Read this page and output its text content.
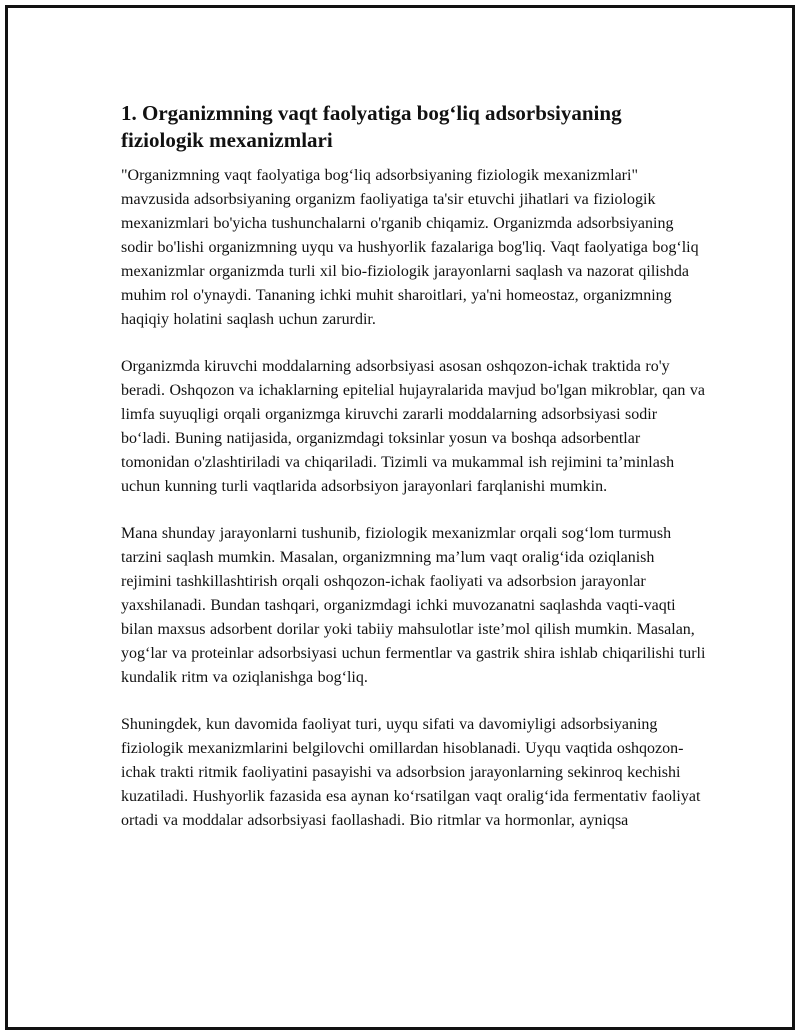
1. Organizmning vaqt faolyatiga bog‘liq adsorbsiyaning fiziologik mexanizmlari

"Organizmning vaqt faolyatiga bog‘liq adsorbsiyaning fiziologik mexanizmlari" mavzusida adsorbsiyaning organizm faoliyatiga ta'sir etuvchi jihatlari va fiziologik mexanizmlari bo'yicha tushunchalarni o'rganib chiqamiz. Organizmda adsorbsiyaning sodir bo'lishi organizmning uyqu va hushyorlik fazalariga bog'liq. Vaqt faolyatiga bog‘liq mexanizmlar organizmda turli xil bio-fiziologik jarayonlarni saqlash va nazorat qilishda muhim rol o'ynaydi. Tananing ichki muhit sharoitlari, ya'ni homeostaz, organizmning haqiqiy holatini saqlash uchun zarurdir.

Organizmda kiruvchi moddalarning adsorbsiyasi asosan oshqozon-ichak traktida ro'y beradi. Oshqozon va ichaklarning epitelial hujayralarida mavjud bo'lgan mikroblar, qan va limfa suyuqligi orqali organizmga kiruvchi zararli moddalarning adsorbsiyasi sodir bo‘ladi. Buning natijasida, organizmdagi toksinlar yosun va boshqa adsorbentlar tomonidan o'zlashtiriladi va chiqariladi. Tizimli va mukammal ish rejimini ta’minlash uchun kunning turli vaqtlarida adsorbsiyon jarayonlari farqlanishi mumkin.

Mana shunday jarayonlarni tushunib, fiziologik mexanizmlar orqali sog‘lom turmush tarzini saqlash mumkin. Masalan, organizmning ma’lum vaqt oralig‘ida oziqlanish rejimini tashkillashtirish orqali oshqozon-ichak faoliyati va adsorbsion jarayonlar yaxshilanadi. Bundan tashqari, organizmdagi ichki muvozanatni saqlashda vaqti-vaqti bilan maxsus adsorbent dorilar yoki tabiiy mahsulotlar iste’mol qilish mumkin. Masalan, yog‘lar va proteinlar adsorbsiyasi uchun fermentlar va gastrik shira ishlab chiqarilishi turli kundalik ritm va oziqlanishga bog‘liq.

Shuningdek, kun davomida faoliyat turi, uyqu sifati va davomiyligi adsorbsiyaning fiziologik mexanizmlarini belgilovchi omillardan hisoblanadi. Uyqu vaqtida oshqozon-ichak trakti ritmik faoliyatini pasayishi va adsorbsion jarayonlarning sekinroq kechishi kuzatiladi. Hushyorlik fazasida esa aynan ko‘rsatilgan vaqt oralig‘ida fermentativ faoliyat ortadi va moddalar adsorbsiyasi faollashadi. Bio ritmlar va hormonlar, ayniqsa
